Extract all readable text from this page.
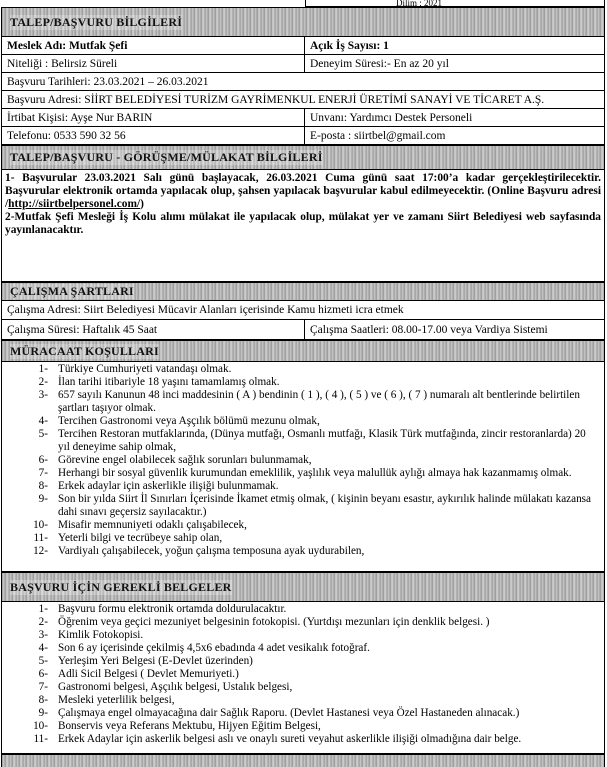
Dilim : 2021
TALEP/BAŞVURU BİLGİLERİ
Meslek Adı: Mutfak Şefi	Açık İş Sayısı: 1
Niteliği : Belirsiz Süreli	Deneyim Süresi:- En az 20 yıl
Başvuru Tarihleri: 23.03.2021 – 26.03.2021
Başvuru Adresi: SİİRT BELEDİYESİ TURİZM GAYRİMENKUL ENERJİ ÜRETİMİ SANAYİ VE TİCARET A.Ş.
İrtibat Kişisi: Ayşe Nur BARIN	Unvanı: Yardımcı Destek Personeli
Telefonu: 0533 590 32 56	E-posta : siirtbel@gmail.com
TALEP/BAŞVURU - GÖRÜŞME/MÜLAKAT BİLGİLERİ

1- Başvurular 23.03.2021 Salı günü başlayacak, 26.03.2021 Cuma günü saat 17:00’a kadar gerçekleştirilecektir. Başvurular elektronik ortamda yapılacak olup, şahsen yapılacak başvurular kabul edilmeyecektir. (Online Başvuru adresi /http://siirtbelpersonel.com/)

2-Mutfak Şefi Mesleği İş Kolu alımı mülakat ile yapılacak olup, mülakat yer ve zamanı Siirt Belediyesi web sayfasında yayınlanacaktır.

ÇALIŞMA ŞARTLARI
Çalışma Adresi: Siirt Belediyesi Mücavir Alanları içerisinde Kamu hizmeti icra etmek
Çalışma Süresi: Haftalık 45 Saat	Çalışma Saatleri: 08.00-17.00 veya Vardiya Sistemi
MÜRACAAT KOŞULLARI
1- Türkiye Cumhuriyeti vatandaşı olmak.
2- İlan tarihi itibariyle 18 yaşını tamamlamış olmak.
3- 657 sayılı Kanunun 48 inci maddesinin ( A ) bendinin ( 1 ), ( 4 ), ( 5 ) ve ( 6 ), ( 7 ) numaralı alt bentlerinde belirtilen şartları taşıyor olmak.
4- Tercihen Gastronomi veya Aşçılık bölümü mezunu olmak,
5- Tercihen Restoran mutfaklarında, (Dünya mutfağı, Osmanlı mutfağı, Klasik Türk mutfağında, zincir restoranlarda) 20 yıl deneyime sahip olmak,
6- Görevine engel olabilecek sağlık sorunları bulunmamak,
7- Herhangi bir sosyal güvenlik kurumundan emeklilik, yaşlılık veya malullük aylığı almaya hak kazanmamış olmak.
8- Erkek adaylar için askerlikle ilişiği bulunmamak.
9- Son bir yılda Siirt İl Sınırları İçerisinde İkamet etmiş olmak, ( kişinin beyanı esastır, aykırılık halinde mülakatı kazansa dahi sınavı geçersiz sayılacaktır.)
10- Misafir memnuniyeti odaklı çalışabilecek,
11- Yeterli bilgi ve tecrübeye sahip olan,
12- Vardiyalı çalışabilecek, yoğun çalışma temposuna ayak uydurabilen,
BAŞVURU İÇİN GEREKLİ BELGELER
1- Başvuru formu elektronik ortamda doldurulacaktır.
2- Öğrenim veya geçici mezuniyet belgesinin fotokopisi. (Yurtdışı mezunları için denklik belgesi. )
3- Kimlik Fotokopisi.
4- Son 6 ay içerisinde çekilmiş 4,5x6 ebadında 4 adet vesikalık fotoğraf.
5- Yerleşim Yeri Belgesi (E-Devlet üzerinden)
6- Adli Sicil Belgesi ( Devlet Memuriyeti.)
7- Gastronomi belgesi, Aşçılık belgesi, Ustalık belgesi,
8- Mesleki yeterlilik belgesi,
9- Çalışmaya engel olmayacağına dair Sağlık Raporu. (Devlet Hastanesi veya Özel Hastaneden alınacak.)
10- Bonservis veya Referans Mektubu, Hijyen Eğitim Belgesi,
11- Erkek Adaylar için askerlik belgesi aslı ve onaylı sureti veyahut askerlikle ilişiği olmadığına dair belge.
